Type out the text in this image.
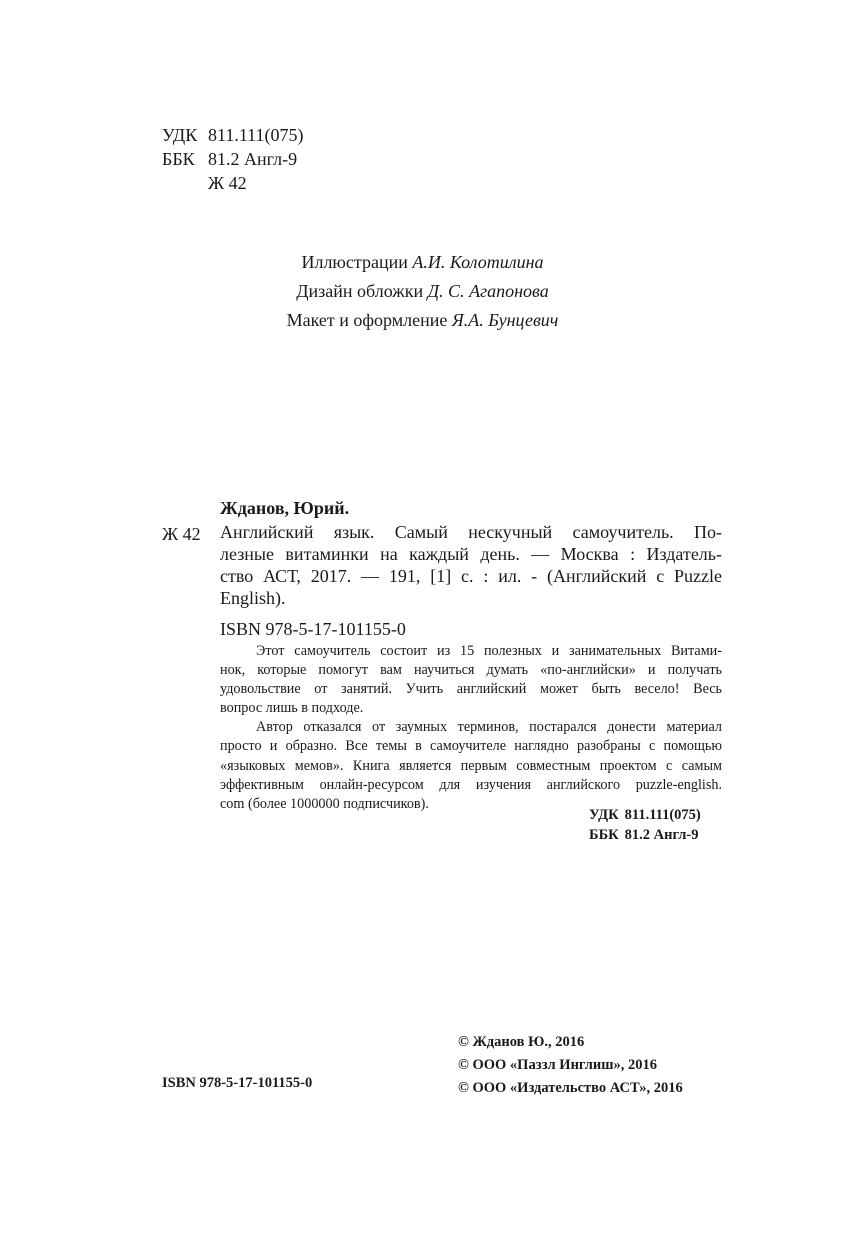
УДК 811.111(075)
ББК 81.2 Англ-9
Ж 42
Иллюстрации А.И. Колотилина
Дизайн обложки Д. С. Агапонова
Макет и оформление Я.А. Бунцевич
Жданов, Юрий.
Английский язык. Самый нескучный самоучитель. По-
лезные витаминки на каждый день. — Москва : Издатель-
ство АСТ, 2017. — 191, [1] с. : ил. - (Английский с Puzzle
English).
ISBN 978-5-17-101155-0
Ж 42
Этот самоучитель состоит из 15 полезных и занимательных Витами-
нок, которые помогут вам научиться думать «по-английски» и получать
удовольствие от занятий. Учить английский может быть весело! Весь
вопрос лишь в подходе.
Автор отказался от заумных терминов, постарался донести материал
просто и образно. Все темы в самоучителе наглядно разобраны с помощью
«языковых мемов». Книга является первым совместным проектом с самым
эффективным онлайн-ресурсом для изучения английского puzzle-english.
com (более 1000000 подписчиков).
УДК 811.111(075)
ББК 81.2 Англ-9
© Жданов Ю., 2016
© ООО «Паззл Инглиш», 2016
© ООО «Издательство АСТ», 2016
ISBN 978-5-17-101155-0
